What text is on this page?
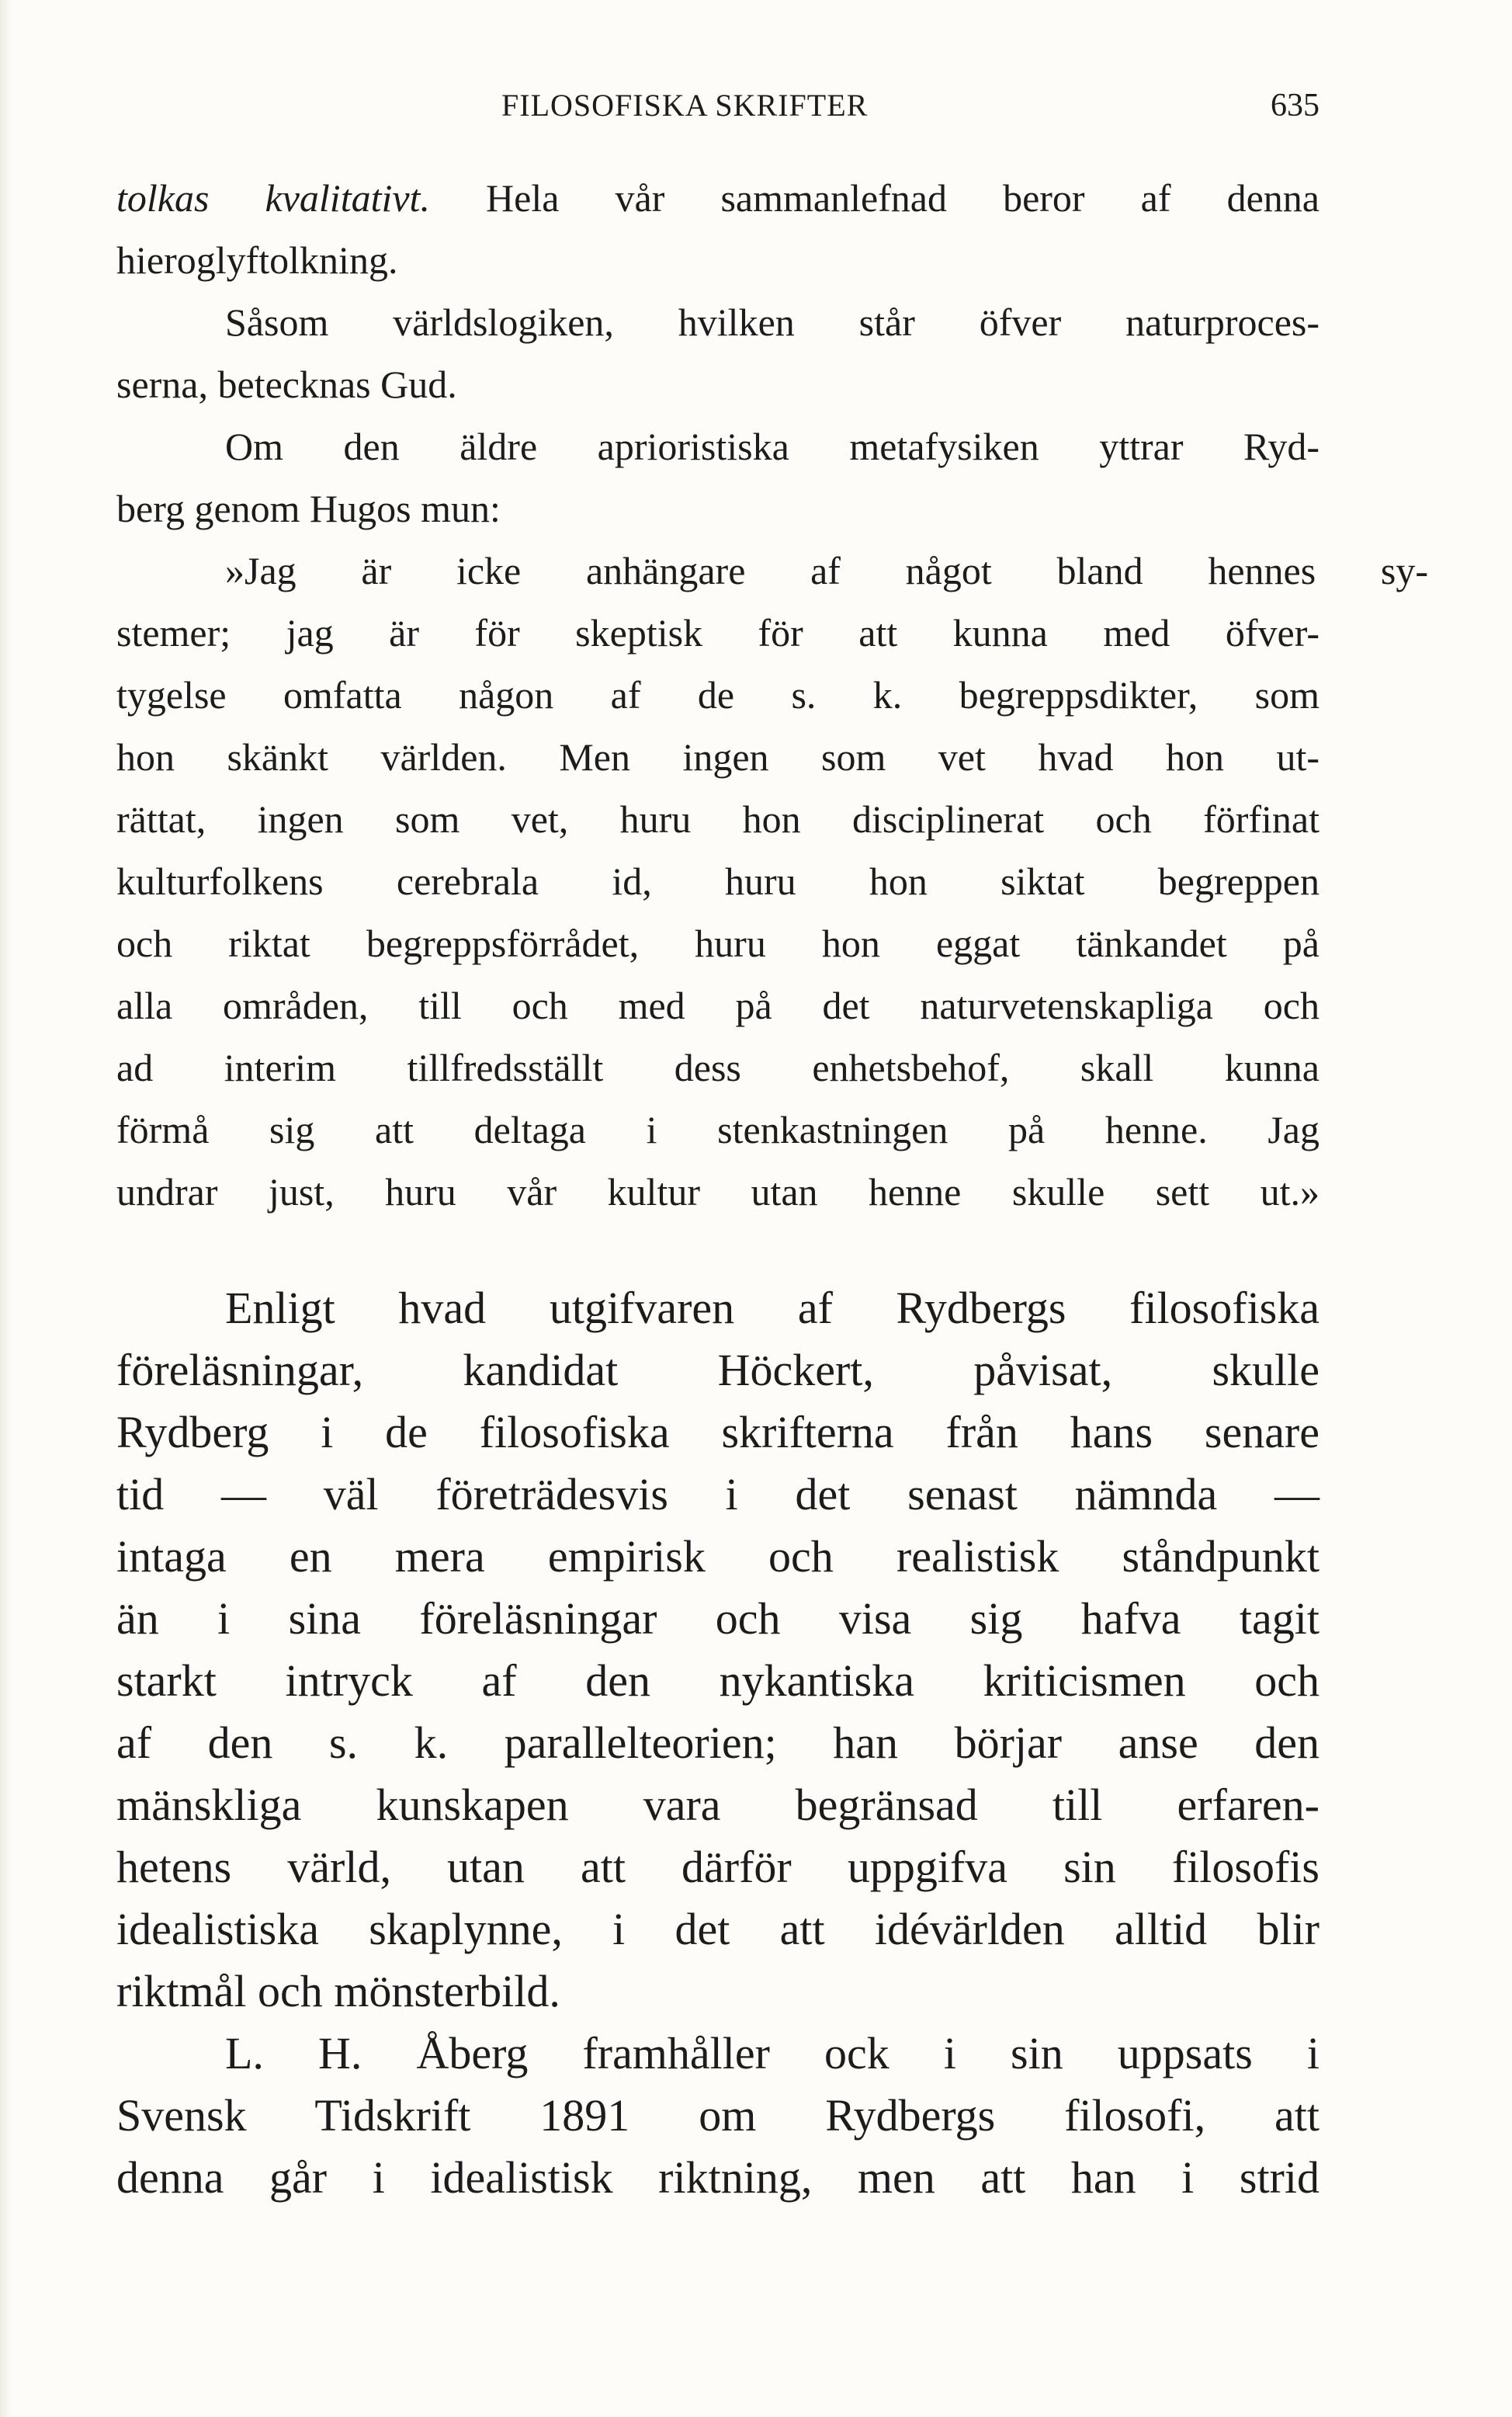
FILOSOFISKA SKRIFTER	635
tolkas kvalitativt. Hela vår sammanlefnad beror af denna
hieroglyftolkning.
Såsom världslogiken, hvilken står öfver naturproces-
serna, betecknas Gud.
Om den äldre aprioristiska metafysiken yttrar Ryd-
berg genom Hugos mun:
»Jag är icke anhängare af något bland hennes sy-
stemer; jag är för skeptisk för att kunna med öfver-
tygelse omfatta någon af de s. k. begreppsdikter, som
hon skänkt världen. Men ingen som vet hvad hon ut-
rättat, ingen som vet, huru hon disciplinerat och förfinat
kulturfolkens cerebrala id, huru hon siktat begreppen
och riktat begreppsförrådet, huru hon eggat tänkandet på
alla områden, till och med på det naturvetenskapliga och
ad interim tillfredsställt dess enhetsbehof, skall kunna
förmå sig att deltaga i stenkastningen på henne. Jag
undrar just, huru vår kultur utan henne skulle sett ut.»
Enligt hvad utgifvaren af Rydbergs filosofiska
föreläsningar, kandidat Höckert, påvisat, skulle
Rydberg i de filosofiska skrifterna från hans senare
tid — väl företrädesvis i det senast nämnda —
intaga en mera empirisk och realistisk ståndpunkt
än i sina föreläsningar och visa sig hafva tagit
starkt intryck af den nykantiska kriticismen och
af den s. k. parallelteorien; han börjar anse den
mänskliga kunskapen vara begränsad till erfaren-
hetens värld, utan att därför uppgifva sin filosofis
idealistiska skaplynne, i det att idévärlden alltid blir
riktmål och mönsterbild.
L. H. Åberg framhåller ock i sin uppsats i
Svensk Tidskrift 1891 om Rydbergs filosofi, att
denna går i idealistisk riktning, men att han i strid
